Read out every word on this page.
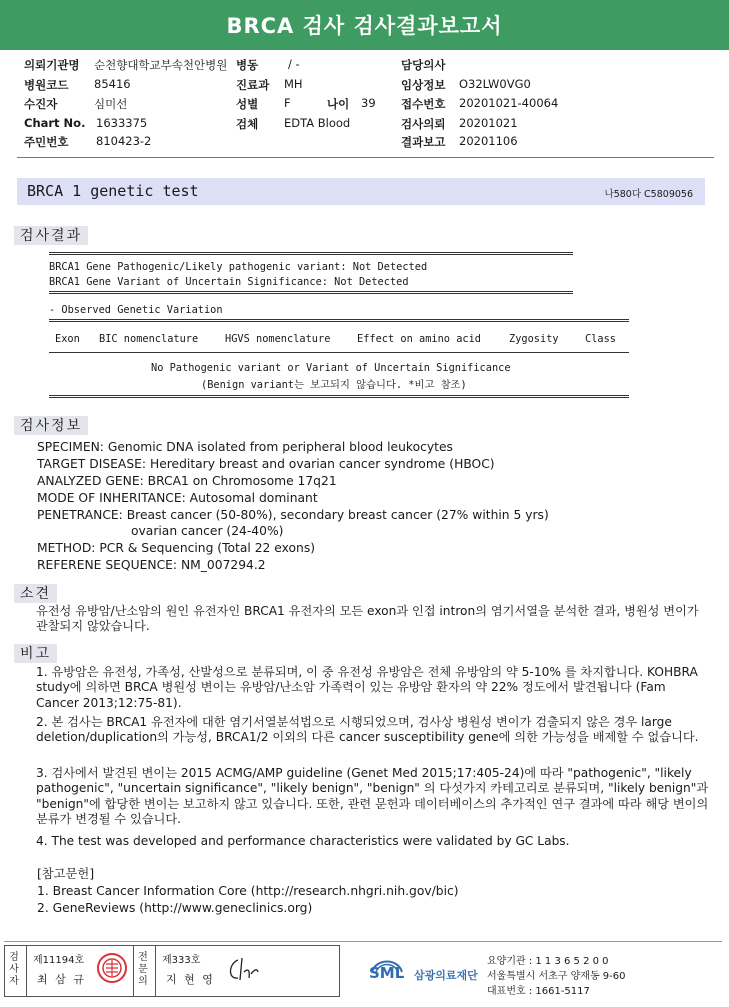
BRCA 검사 검사결과보고서
의뢰기관명 순천향대학교부속천안병원 병동	/ -	담당의사
병원코드 85416	진료과 MH	임상정보 O32LW0VG0
수진자	심미선	성별 F	나이 39 접수번호 20201021-40064
Chart No. 1633375	검체 EDTA Blood	검사의뢰 20201021
주민번호 810423-2	결과보고 20201106
BRCA 1 genetic test	나580다 C5809056
검사결과
BRCA1 Gene Pathogenic/Likely pathogenic variant: Not Detected
BRCA1 Gene Variant of Uncertain Significance: Not Detected
- Observed Genetic Variation
Exon BIC nomenclature	HGVS nomenclature	Effect on amino acid	Zygosity	Class
No Pathogenic variant or Variant of Uncertain Significance
(Benign variant는 보고되지 않습니다. *비고 참조)
검사정보
SPECIMEN: Genomic DNA isolated from peripheral blood leukocytes
TARGET DISEASE: Hereditary breast and ovarian cancer syndrome (HBOC)
ANALYZED GENE: BRCA1 on Chromosome 17q21
MODE OF INHERITANCE: Autosomal dominant
PENETRANCE: Breast cancer (50-80%), secondary breast cancer (27% within 5 yrs)
ovarian cancer (24-40%)
METHOD: PCR & Sequencing (Total 22 exons)
REFERENE SEQUENCE: NM_007294.2
소견
유전성 유방암/난소암의 원인 유전자인 BRCA1 유전자의 모든 exon과 인접 intron의 염기서열을 분석한 결과, 병원성 변이가 관찰되지 않았습니다.
비고
1. 유방암은 유전성, 가족성, 산발성으로 분류되며, 이 중 유전성 유방암은 전체 유방암의 약 5-10% 를 차지합니다. KOHBRA study에 의하면 BRCA 병원성 변이는 유방암/난소암 가족력이 있는 유방암 환자의 약 22% 정도에서 발견됩니다 (Fam Cancer 2013;12:75-81).
2. 본 검사는 BRCA1 유전자에 대한 염기서열분석법으로 시행되었으며, 검사상 병원성 변이가 검출되지 않은 경우 large deletion/duplication의 가능성, BRCA1/2 이외의 다른 cancer susceptibility gene에 의한 가능성을 배제할 수 없습니다.
3. 검사에서 발견된 변이는 2015 ACMG/AMP guideline (Genet Med 2015;17:405-24)에 따라 "pathogenic", "likely pathogenic", "uncertain significance", "likely benign", "benign" 의 다섯가지 카테고리로 분류되며, "likely benign"과 "benign"에 합당한 변이는 보고하지 않고 있습니다. 또한, 관련 문헌과 데이터베이스의 추가적인 연구 결과에 따라 해당 변이의 분류가 변경될 수 있습니다.
4. The test was developed and performance characteristics were validated by GC Labs.
[참고문헌]
1. Breast Cancer Information Core (http://research.nhgri.nih.gov/bic)
2. GeneReviews (http://www.geneclinics.org)
검사자
제11194호
최 삼 규
전문의
제333호
지 현 영	SML 삼광의료재단
요양기관 : 1 1 3 6 5 2 0 0
서울특별시 서초구 양재동 9-60
대표번호 : 1661-5117
